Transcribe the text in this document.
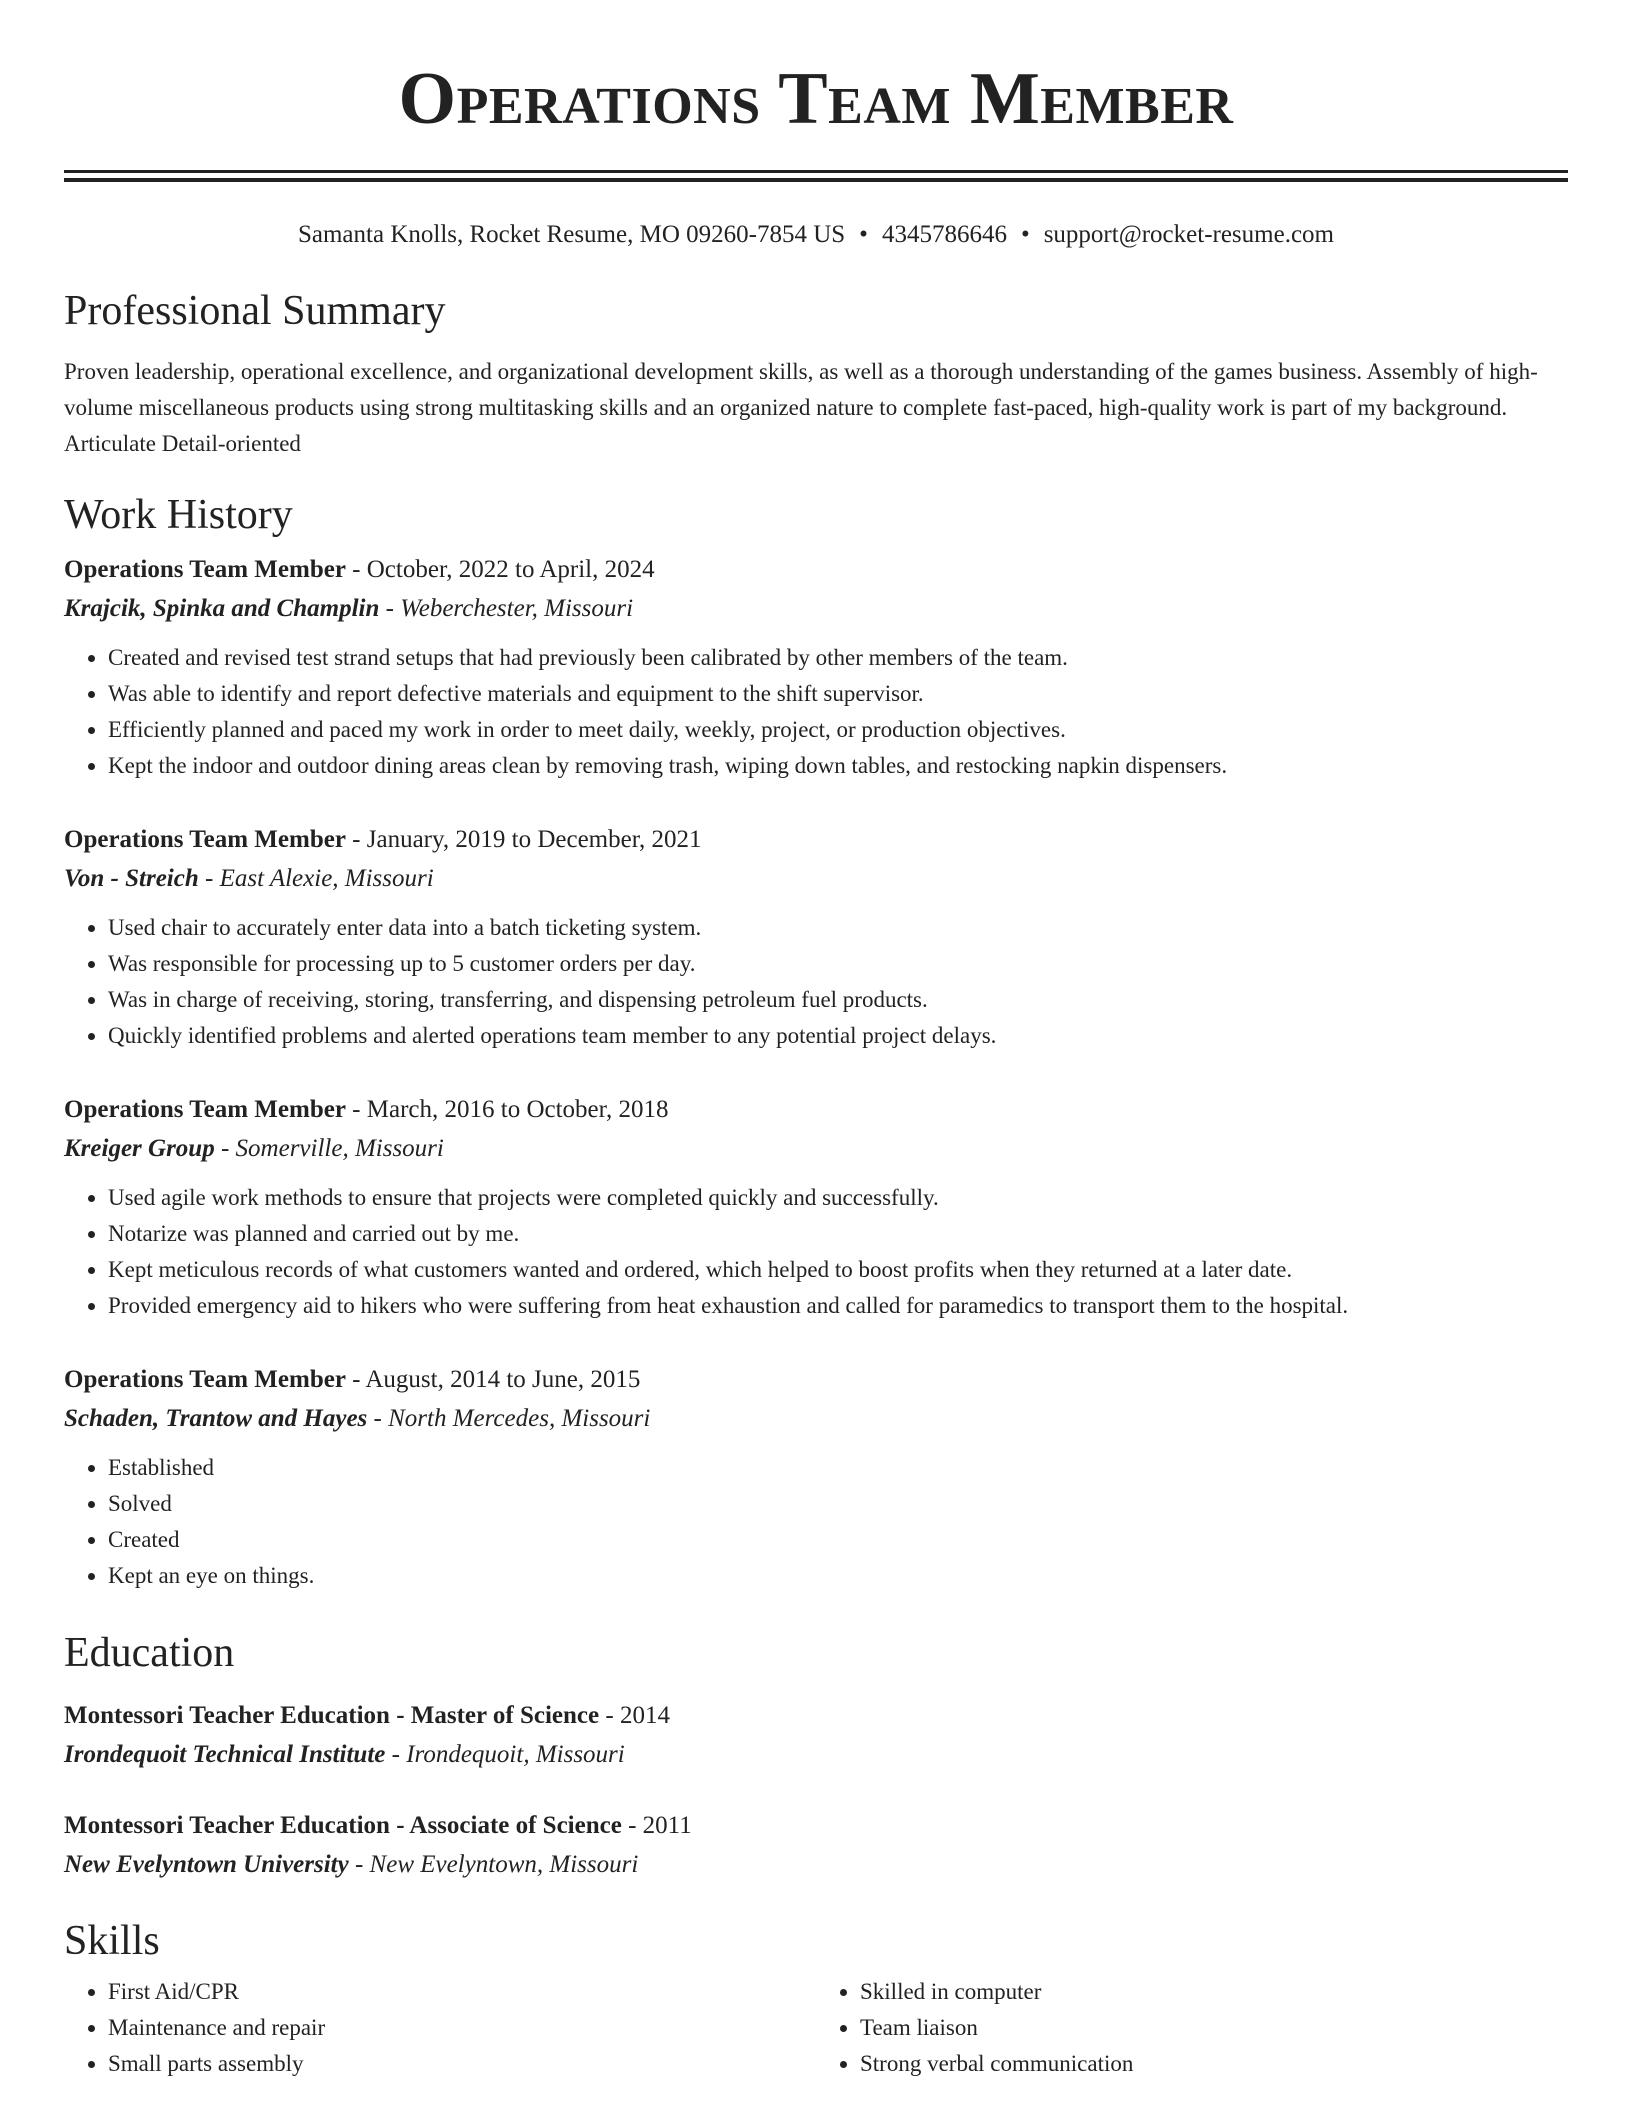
Operations Team Member
Samanta Knolls, Rocket Resume, MO 09260-7854 US • 4345786646 • support@rocket-resume.com
Professional Summary

Proven leadership, operational excellence, and organizational development skills, as well as a thorough understanding of the games business. Assembly of high-volume miscellaneous products using strong multitasking skills and an organized nature to complete fast-paced, high-quality work is part of my background. Articulate Detail-oriented

Work History
Operations Team Member - October, 2022 to April, 2024
Krajcik, Spinka and Champlin - Weberchester, Missouri
• Created and revised test strand setups that had previously been calibrated by other members of the team.
• Was able to identify and report defective materials and equipment to the shift supervisor.
• Efficiently planned and paced my work in order to meet daily, weekly, project, or production objectives.
• Kept the indoor and outdoor dining areas clean by removing trash, wiping down tables, and restocking napkin dispensers.
Operations Team Member - January, 2019 to December, 2021
Von - Streich - East Alexie, Missouri
• Used chair to accurately enter data into a batch ticketing system.
• Was responsible for processing up to 5 customer orders per day.
• Was in charge of receiving, storing, transferring, and dispensing petroleum fuel products.
• Quickly identified problems and alerted operations team member to any potential project delays.
Operations Team Member - March, 2016 to October, 2018
Kreiger Group - Somerville, Missouri
• Used agile work methods to ensure that projects were completed quickly and successfully.
• Notarize was planned and carried out by me.
• Kept meticulous records of what customers wanted and ordered, which helped to boost profits when they returned at a later date.
• Provided emergency aid to hikers who were suffering from heat exhaustion and called for paramedics to transport them to the hospital.
Operations Team Member - August, 2014 to June, 2015
Schaden, Trantow and Hayes - North Mercedes, Missouri
• Established
• Solved
• Created
• Kept an eye on things.
Education
Montessori Teacher Education - Master of Science - 2014
Irondequoit Technical Institute - Irondequoit, Missouri
Montessori Teacher Education - Associate of Science - 2011
New Evelyntown University - New Evelyntown, Missouri
Skills
• First Aid/CPR
• Maintenance and repair
• Small parts assembly
• Skilled in computer
• Team liaison
• Strong verbal communication
